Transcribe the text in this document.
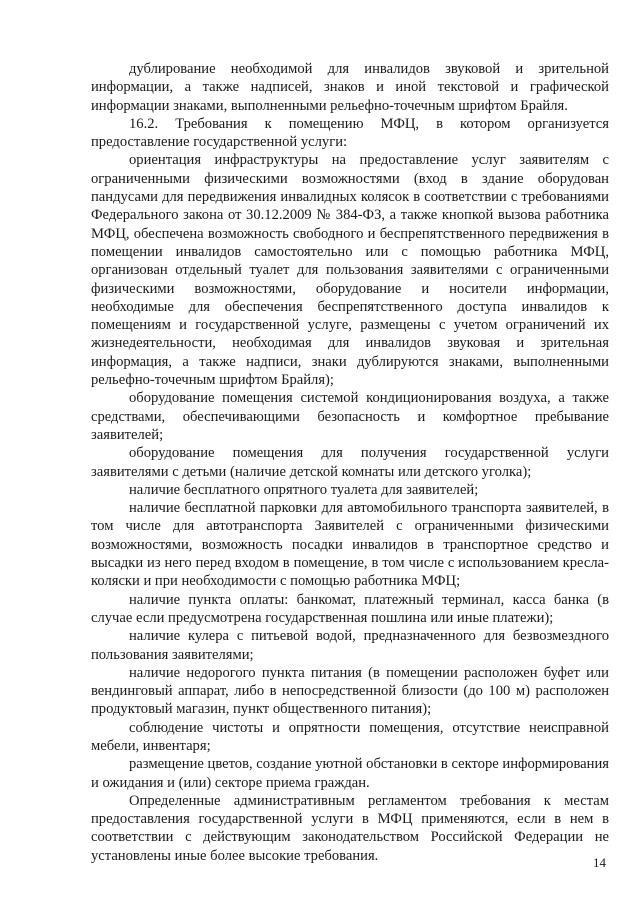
дублирование необходимой для инвалидов звуковой и зрительной информации, а также надписей, знаков и иной текстовой и графической информации знаками, выполненными рельефно-точечным шрифтом Брайля.

16.2. Требования к помещению МФЦ, в котором организуется предоставление государственной услуги:

ориентация инфраструктуры на предоставление услуг заявителям с ограниченными физическими возможностями (вход в здание оборудован пандусами для передвижения инвалидных колясок в соответствии с требованиями Федерального закона от 30.12.2009 № 384-ФЗ, а также кнопкой вызова работника МФЦ, обеспечена возможность свободного и беспрепятственного передвижения в помещении инвалидов самостоятельно или с помощью работника МФЦ, организован отдельный туалет для пользования заявителями с ограниченными физическими возможностями, оборудование и носители информации, необходимые для обеспечения беспрепятственного доступа инвалидов к помещениям и государственной услуге, размещены с учетом ограничений их жизнедеятельности, необходимая для инвалидов звуковая и зрительная информация, а также надписи, знаки дублируются знаками, выполненными рельефно-точечным шрифтом Брайля);

оборудование помещения системой кондиционирования воздуха, а также средствами, обеспечивающими безопасность и комфортное пребывание заявителей;

оборудование помещения для получения государственной услуги заявителями с детьми (наличие детской комнаты или детского уголка);

наличие бесплатного опрятного туалета для заявителей;

наличие бесплатной парковки для автомобильного транспорта заявителей, в том числе для автотранспорта Заявителей с ограниченными физическими возможностями, возможность посадки инвалидов в транспортное средство и высадки из него перед входом в помещение, в том числе с использованием кресла-коляски и при необходимости с помощью работника МФЦ;

наличие пункта оплаты: банкомат, платежный терминал, касса банка (в случае если предусмотрена государственная пошлина или иные платежи);

наличие кулера с питьевой водой, предназначенного для безвозмездного пользования заявителями;

наличие недорогого пункта питания (в помещении расположен буфет или вендинговый аппарат, либо в непосредственной близости (до 100 м) расположен продуктовый магазин, пункт общественного питания);

соблюдение чистоты и опрятности помещения, отсутствие неисправной мебели, инвентаря;

размещение цветов, создание уютной обстановки в секторе информирования и ожидания и (или) секторе приема граждан.

Определенные административным регламентом требования к местам предоставления государственной услуги в МФЦ применяются, если в нем в соответствии с действующим законодательством Российской Федерации не установлены иные более высокие требования.	14
